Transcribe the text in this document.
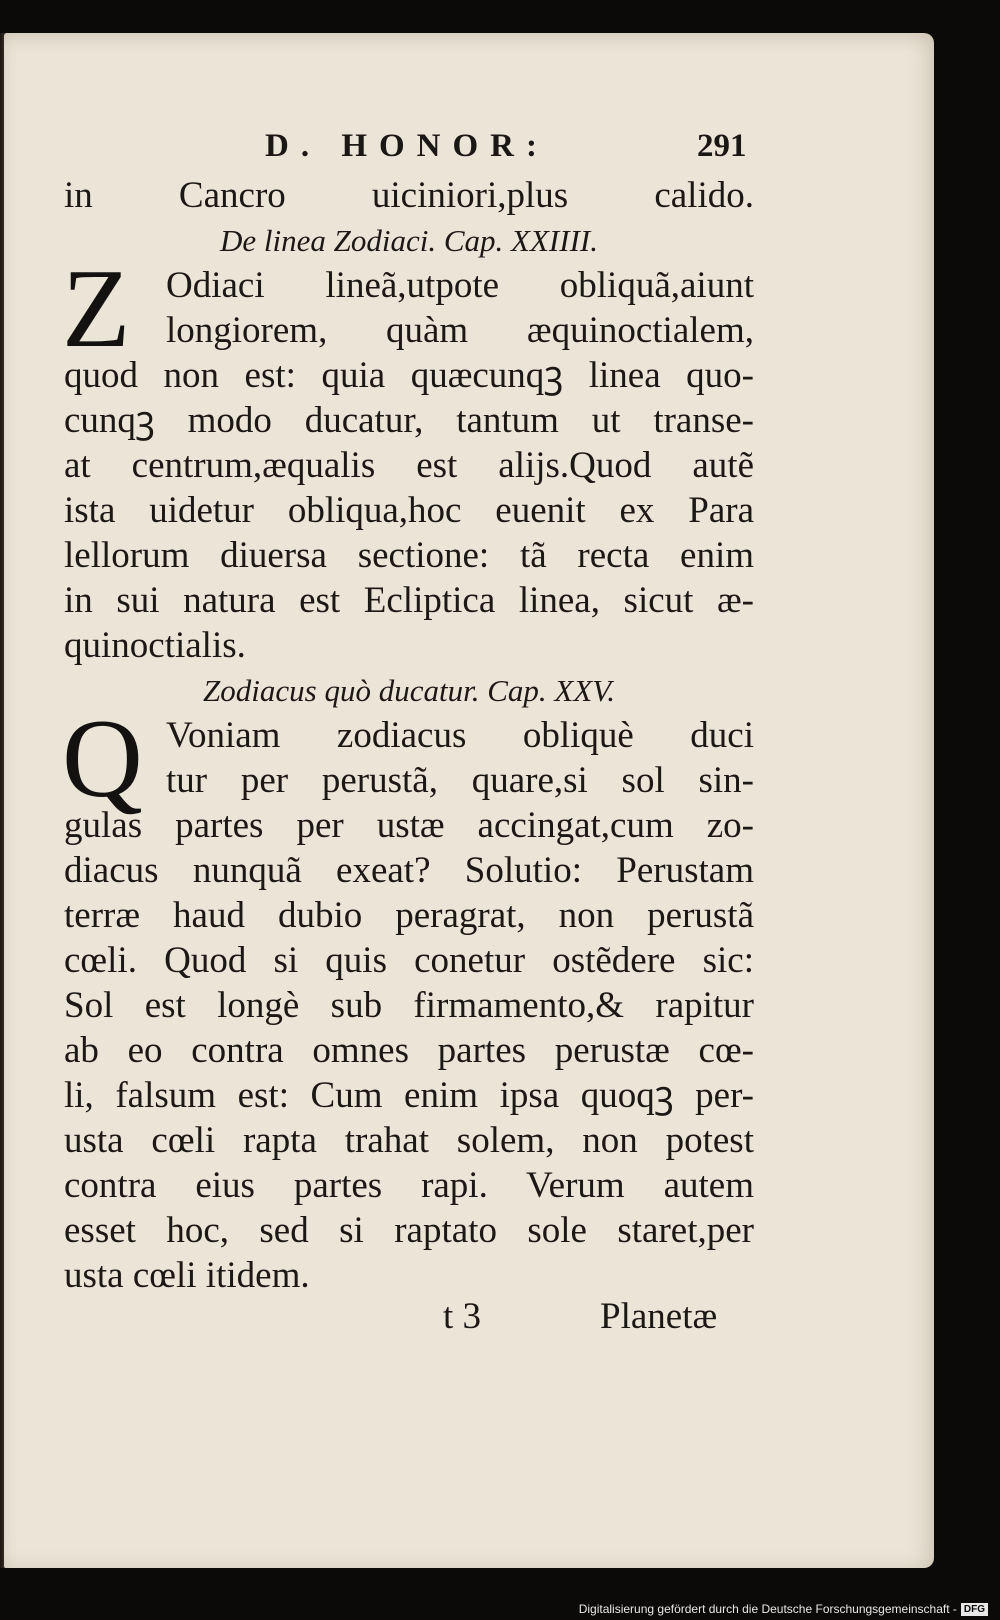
D. HONOR:	291
in Cancro uiciniori,plus calido.
De linea Zodiaci. Cap. XXIIII.
Z Odiaci lineã,utpote obliquã,aiunt
longiorem, quàm æquinoctialem,
quod non est: quia quæcunqꝫ linea quo-
cunqꝫ modo ducatur, tantum ut transe-
at centrum,æqualis est alijs.Quod autẽ
ista uidetur obliqua,hoc euenit ex Para
lellorum diuersa sectione: tã recta enim
in sui natura est Ecliptica linea, sicut æ-
quinoctialis.
Zodiacus quò ducatur. Cap. XXV.
Q Voniam zodiacus obliquè duci
tur per perustã, quare,si sol sin-
gulas partes per ustæ accingat,cum zo-
diacus nunquã exeat? Solutio: Perustam
terræ haud dubio peragrat, non perustã
cœli. Quod si quis conetur ostẽdere sic:
Sol est longè sub firmamento,& rapitur
ab eo contra omnes partes perustæ cœ-
li, falsum est: Cum enim ipsa quoqꝫ per-
usta cœli rapta trahat solem, non potest
contra eius partes rapi. Verum autem
esset hoc, sed si raptato sole staret,per
usta cœli itidem.
t 3	Planetæ
Digitalisierung gefördert durch die Deutsche Forschungsgemeinschaft - DFG
